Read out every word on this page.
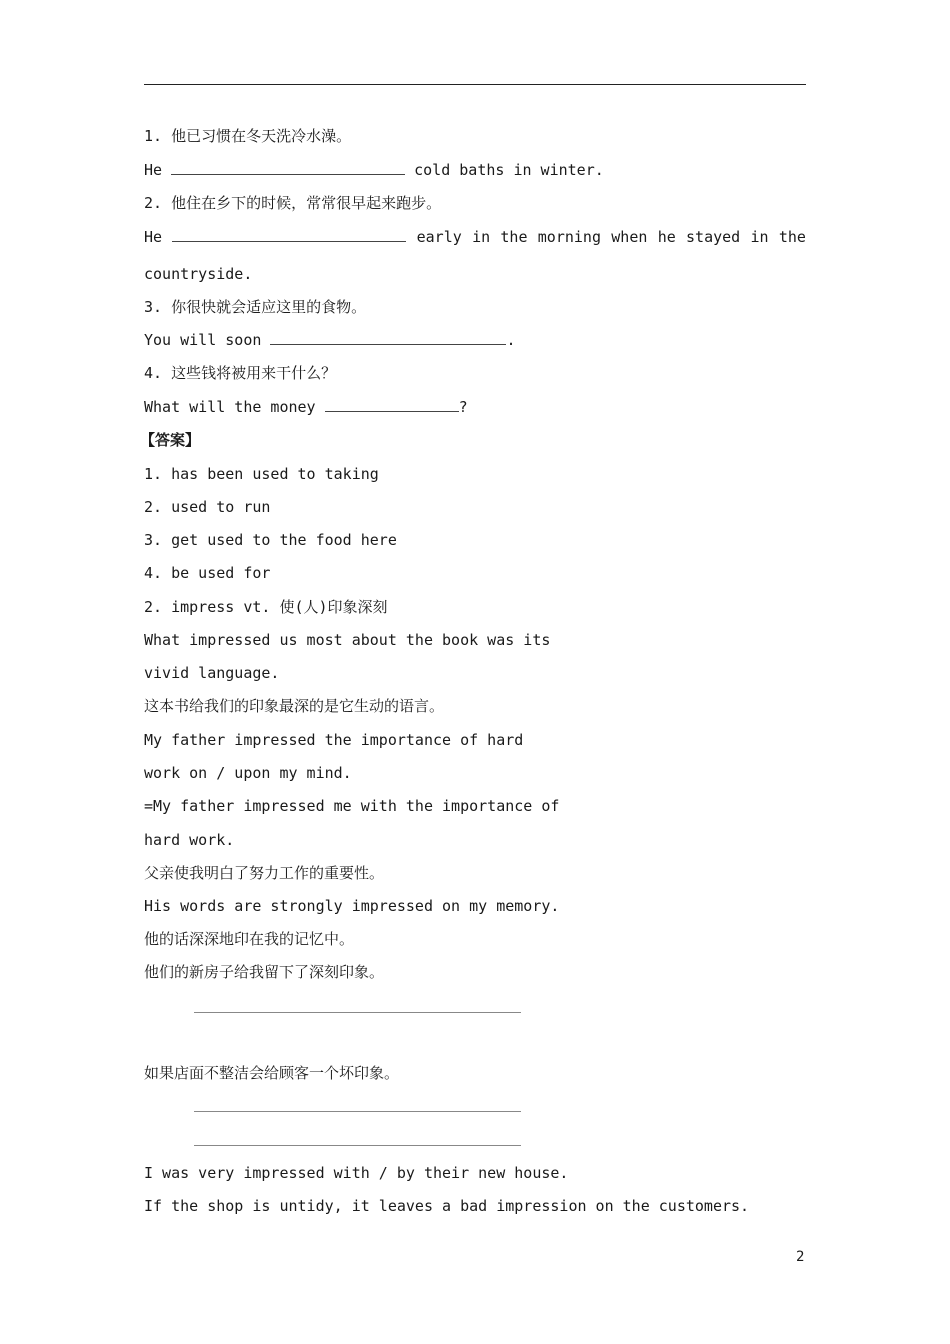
1. 他已习惯在冬天洗冷水澡。
He	cold baths in winter.
2. 他住在乡下的时候，常常很早起来跑步。
He	early in the morning when he stayed in the
countryside.
3. 你很快就会适应这里的食物。
You will soon	.
4. 这些钱将被用来干什么？
What will the money	?
【答案】
1. has been used to taking
2. used to run
3. get used to the food here
4. be used for
2. impress vt. 使(人)印象深刻
What impressed us most about the book was its
vivid language.
这本书给我们的印象最深的是它生动的语言。
My father impressed the importance of hard
work on / upon my mind.
=My father impressed me with the importance of
hard work.
父亲使我明白了努力工作的重要性。
His words are strongly impressed on my memory.
他的话深深地印在我的记忆中。
他们的新房子给我留下了深刻印象。
如果店面不整洁会给顾客一个坏印象。
I was very impressed with / by their new house.
If the shop is untidy, it leaves a bad impression on the customers.
2
